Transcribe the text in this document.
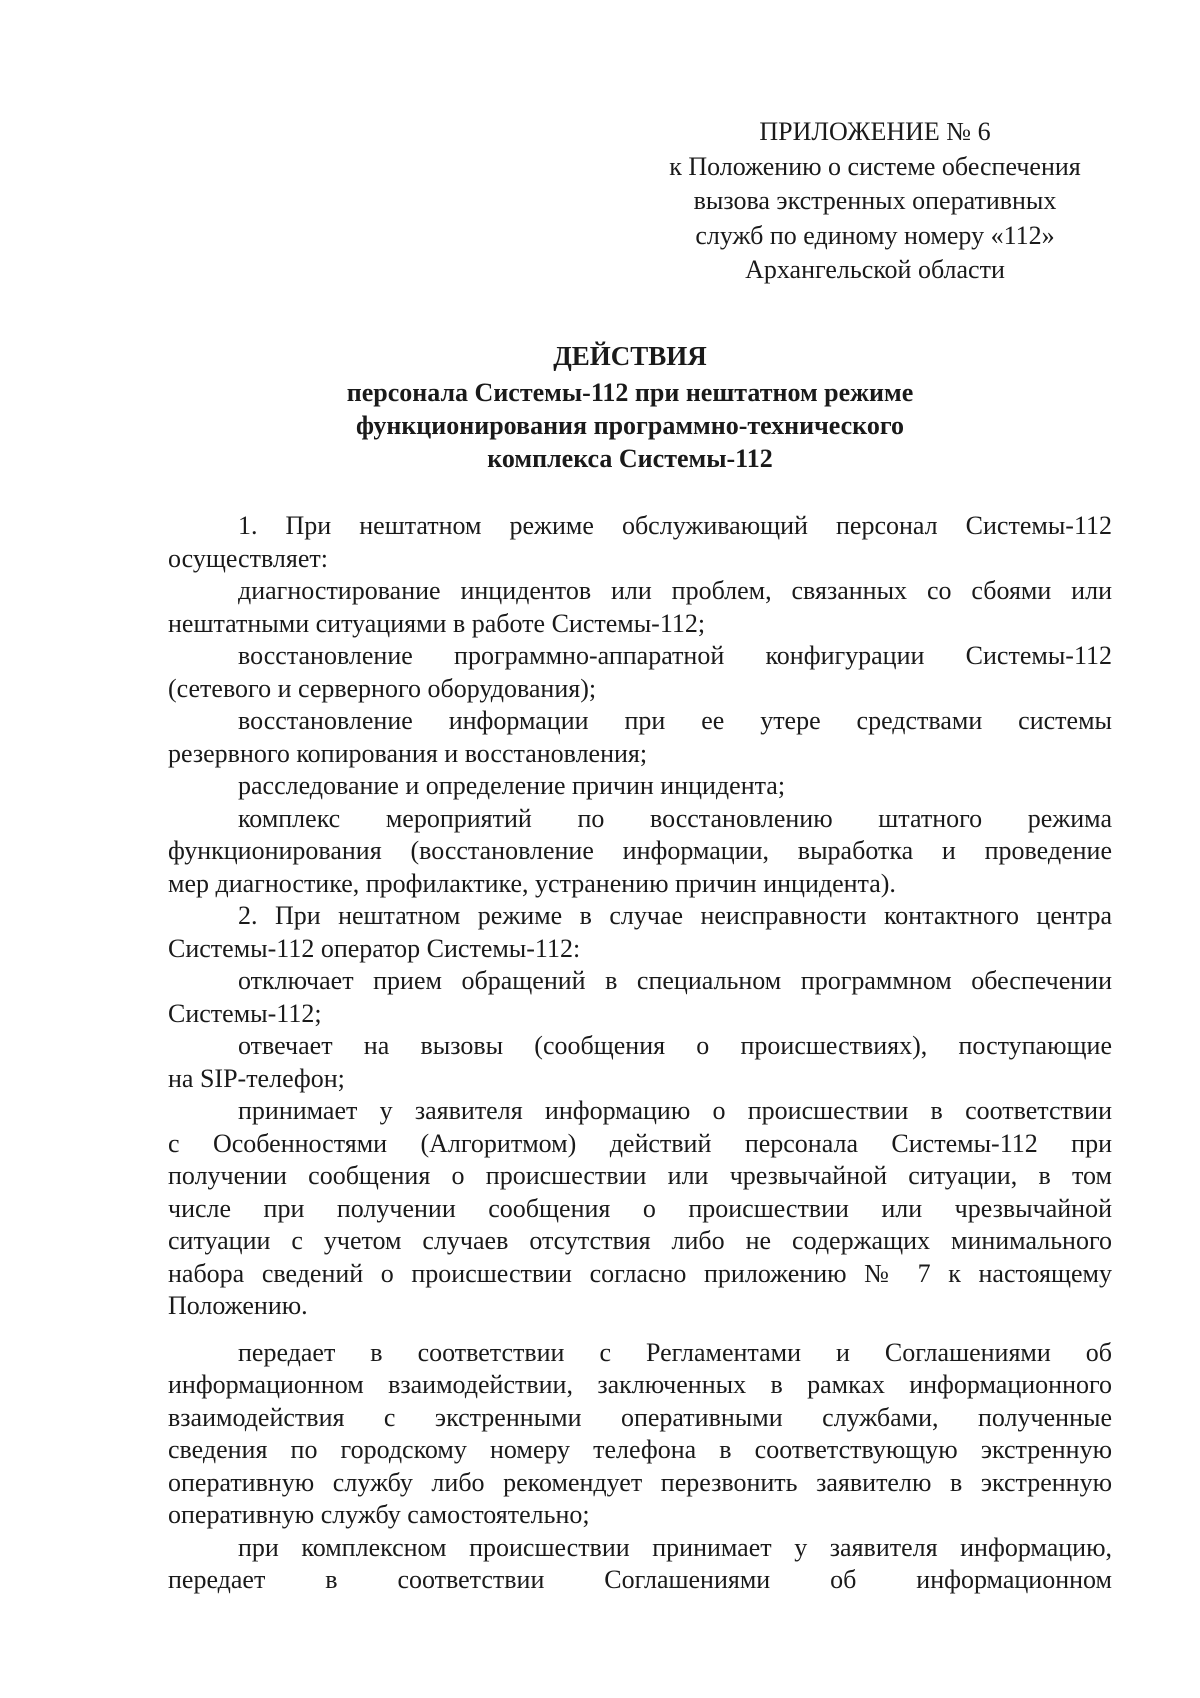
ПРИЛОЖЕНИЕ № 6
к Положению о системе обеспечения
вызова экстренных оперативных
служб по единому номеру «112»
Архангельской области
ДЕЙСТВИЯ
персонала Системы-112 при нештатном режиме
функционирования программно-технического
комплекса Системы-112
1. При нештатном режиме обслуживающий персонал Системы-112
осуществляет:
диагностирование инцидентов или проблем, связанных со сбоями или
нештатными ситуациями в работе Системы-112;
восстановление программно-аппаратной конфигурации Системы-112
(сетевого и серверного оборудования);
восстановление информации при ее утере средствами системы
резервного копирования и восстановления;
расследование и определение причин инцидента;
комплекс мероприятий по восстановлению штатного режима
функционирования (восстановление информации, выработка и проведение
мер диагностике, профилактике, устранению причин инцидента).
2. При нештатном режиме в случае неисправности контактного центра
Системы-112 оператор Системы-112:
отключает прием обращений в специальном программном обеспечении
Системы-112;
отвечает на вызовы (сообщения о происшествиях), поступающие
на SIP-телефон;
принимает у заявителя информацию о происшествии в соответствии
с Особенностями (Алгоритмом) действий персонала Системы-112 при
получении сообщения о происшествии или чрезвычайной ситуации, в том
числе при получении сообщения о происшествии или чрезвычайной
ситуации с учетом случаев отсутствия либо не содержащих минимального
набора сведений о происшествии согласно приложению № 7 к настоящему
Положению.
передает в соответствии с Регламентами и Соглашениями об
информационном взаимодействии, заключенных в рамках информационного
взаимодействия с экстренными оперативными службами, полученные
сведения по городскому номеру телефона в соответствующую экстренную
оперативную службу либо рекомендует перезвонить заявителю в экстренную
оперативную службу самостоятельно;
при комплексном происшествии принимает у заявителя информацию,
передает в соответствии Соглашениями об информационном
